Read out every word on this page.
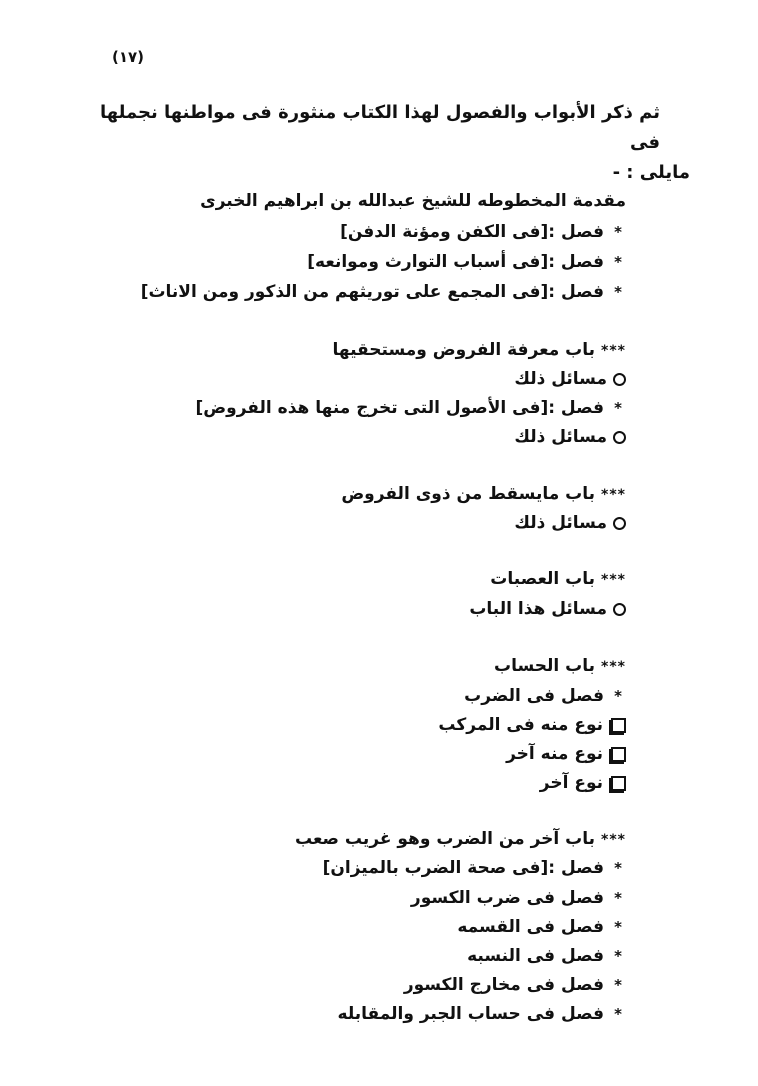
(١٧)
ثم ذكر الأبواب والفصول لهذا الكتاب منثورة فى مواطنها نجملها فى
مايلى : -
مقدمة المخطوطه للشيخ عبدالله بن ابراهيم الخبرى
*فصل :[فى الكفن ومؤنة الدفن]
*فصل :[فى أسباب التوارث وموانعه]
*فصل :[فى المجمع على توريثهم من الذكور ومن الاناث]
***باب معرفة الفروض ومستحقيها
مسائل ذلك
*فصل :[فى الأصول التى تخرج منها هذه الفروض]
مسائل ذلك
***باب مايسقط من ذوى الفروض
مسائل ذلك
***باب العصبات
مسائل هذا الباب
***باب الحساب
*فصل فى الضرب
نوع منه فى المركب
نوع منه آخر
نوع آخر
***باب آخر من الضرب وهو غريب صعب
*فصل :[فى صحة الضرب بالميزان]
*فصل فى ضرب الكسور
*فصل فى القسمه
*فصل فى النسبه
*فصل فى مخارج الكسور
*فصل فى حساب الجبر والمقابله
